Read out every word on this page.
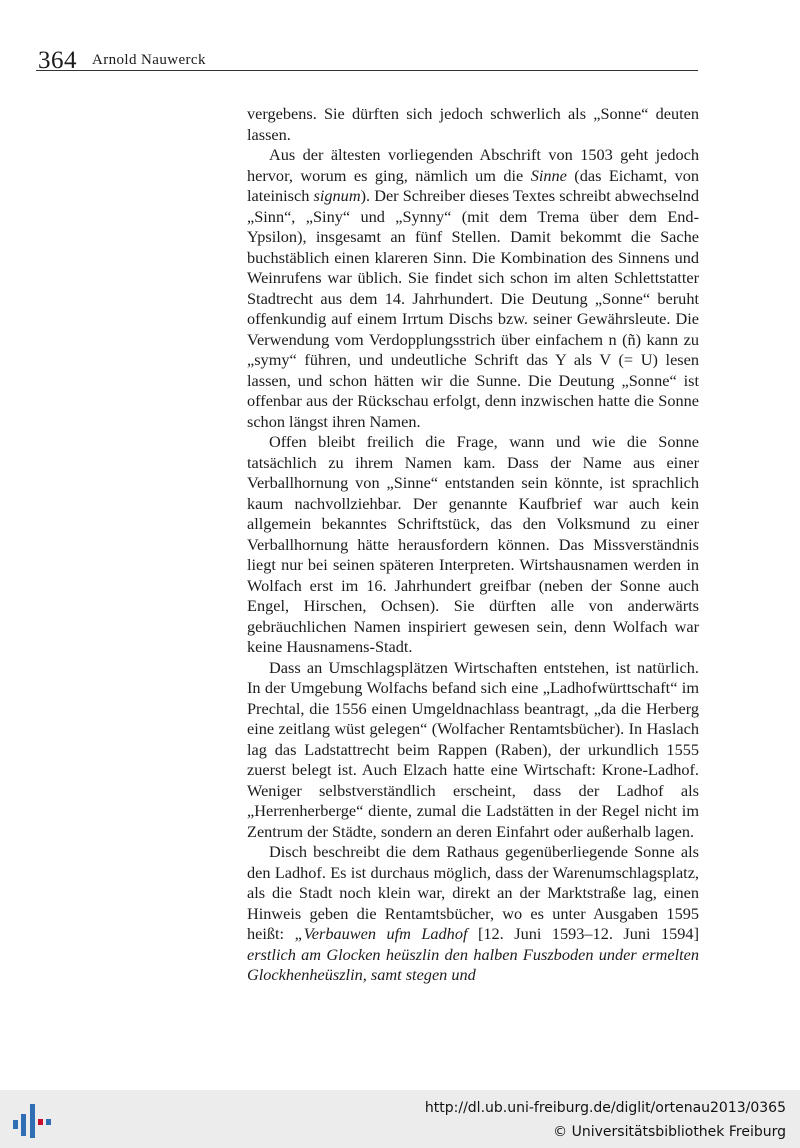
364 Arnold Nauwerck

vergebens. Sie dürften sich jedoch schwerlich als „Sonne“ deuten lassen.

Aus der ältesten vorliegenden Abschrift von 1503 geht jedoch hervor, worum es ging, nämlich um die Sinne (das Eichamt, von lateinisch signum). Der Schreiber dieses Textes schreibt abwechselnd „Sinn“, „Siny“ und „Synny“ (mit dem Trema über dem End-Ypsilon), insgesamt an fünf Stellen. Damit bekommt die Sache buchstäblich einen klareren Sinn. Die Kombination des Sinnens und Weinrufens war üblich. Sie findet sich schon im alten Schlettstatter Stadtrecht aus dem 14. Jahrhundert. Die Deutung „Sonne“ beruht offenkundig auf einem Irrtum Dischs bzw. seiner Gewährsleute. Die Verwendung vom Verdopplungsstrich über einfachem n (ñ) kann zu „symy“ führen, und undeutliche Schrift das Y als V (= U) lesen lassen, und schon hätten wir die Sunne. Die Deutung „Sonne“ ist offenbar aus der Rückschau erfolgt, denn inzwischen hatte die Sonne schon längst ihren Namen.

Offen bleibt freilich die Frage, wann und wie die Sonne tatsächlich zu ihrem Namen kam. Dass der Name aus einer Verballhornung von „Sinne“ entstanden sein könnte, ist sprachlich kaum nachvollziehbar. Der genannte Kaufbrief war auch kein allgemein bekanntes Schriftstück, das den Volksmund zu einer Verballhornung hätte herausfordern können. Das Missverständnis liegt nur bei seinen späteren Interpreten. Wirtshausnamen werden in Wolfach erst im 16. Jahrhundert greifbar (neben der Sonne auch Engel, Hirschen, Ochsen). Sie dürften alle von anderwärts gebräuchlichen Namen inspiriert gewesen sein, denn Wolfach war keine Hausnamens-Stadt.

Dass an Umschlagsplätzen Wirtschaften entstehen, ist natürlich. In der Umgebung Wolfachs befand sich eine „Ladhofwürttschaft“ im Prechtal, die 1556 einen Umgeldnachlass beantragt, „da die Herberg eine zeitlang wüst gelegen“ (Wolfacher Rentamtsbücher). In Haslach lag das Ladstattrecht beim Rappen (Raben), der urkundlich 1555 zuerst belegt ist. Auch Elzach hatte eine Wirtschaft: Krone-Ladhof. Weniger selbstverständlich erscheint, dass der Ladhof als „Herrenherberge“ diente, zumal die Ladstätten in der Regel nicht im Zentrum der Städte, sondern an deren Einfahrt oder außerhalb lagen.

Disch beschreibt die dem Rathaus gegenüberliegende Sonne als den Ladhof. Es ist durchaus möglich, dass der Warenumschlagsplatz, als die Stadt noch klein war, direkt an der Marktstraße lag, einen Hinweis geben die Rentamtsbücher, wo es unter Ausgaben 1595 heißt: „Verbauwen ufm Ladhof [12. Juni 1593–12. Juni 1594] erstlich am Glocken heüszlin den halben Fuszboden under ermelten Glockhenheüszlin, samt stegen und

http://dl.ub.uni-freiburg.de/diglit/ortenau2013/0365
© Universitätsbibliothek Freiburg
